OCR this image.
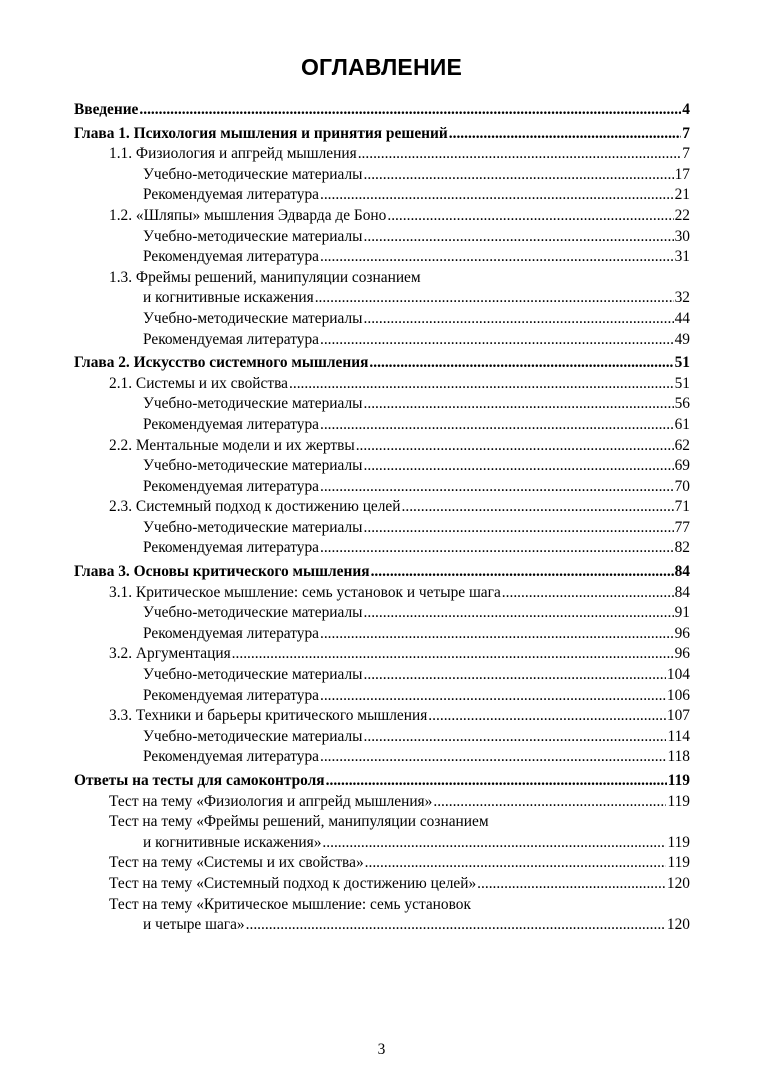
ОГЛАВЛЕНИЕ
Введение .....	4
Глава 1. Психология мышления и принятия решений .....	7
1.1. Физиология и апгрейд мышления .....	7
Учебно-методические материалы .....	17
Рекомендуемая литература .....	21
1.2. «Шляпы» мышления Эдварда де Боно .....	22
Учебно-методические материалы .....	30
Рекомендуемая литература .....	31
1.3. Фреймы решений, манипуляции сознанием
и когнитивные искажения .....	32
Учебно-методические материалы .....	44
Рекомендуемая литература .....	49
Глава 2. Искусство системного мышления .....	51
2.1. Системы и их свойства .....	51
Учебно-методические материалы .....	56
Рекомендуемая литература .....	61
2.2. Ментальные модели и их жертвы .....	62
Учебно-методические материалы .....	69
Рекомендуемая литература .....	70
2.3. Системный подход к достижению целей .....	71
Учебно-методические материалы .....	77
Рекомендуемая литература .....	82
Глава 3. Основы критического мышления .....	84
3.1. Критическое мышление: семь установок и четыре шага .....	84
Учебно-методические материалы .....	91
Рекомендуемая литература .....	96
3.2. Аргументация .....	96
Учебно-методические материалы .....	104
Рекомендуемая литература .....	106
3.3. Техники и барьеры критического мышления .....	107
Учебно-методические материалы .....	114
Рекомендуемая литература .....	118
Ответы на тесты для самоконтроля .....	119
Тест на тему «Физиология и апгрейд мышления» .....	119
Тест на тему «Фреймы решений, манипуляции сознанием
и когнитивные искажения» .....	119
Тест на тему «Системы и их свойства» .....	119
Тест на тему «Системный подход к достижению целей» .....	120
Тест на тему «Критическое мышление: семь установок
и четыре шага» .....	120
3
